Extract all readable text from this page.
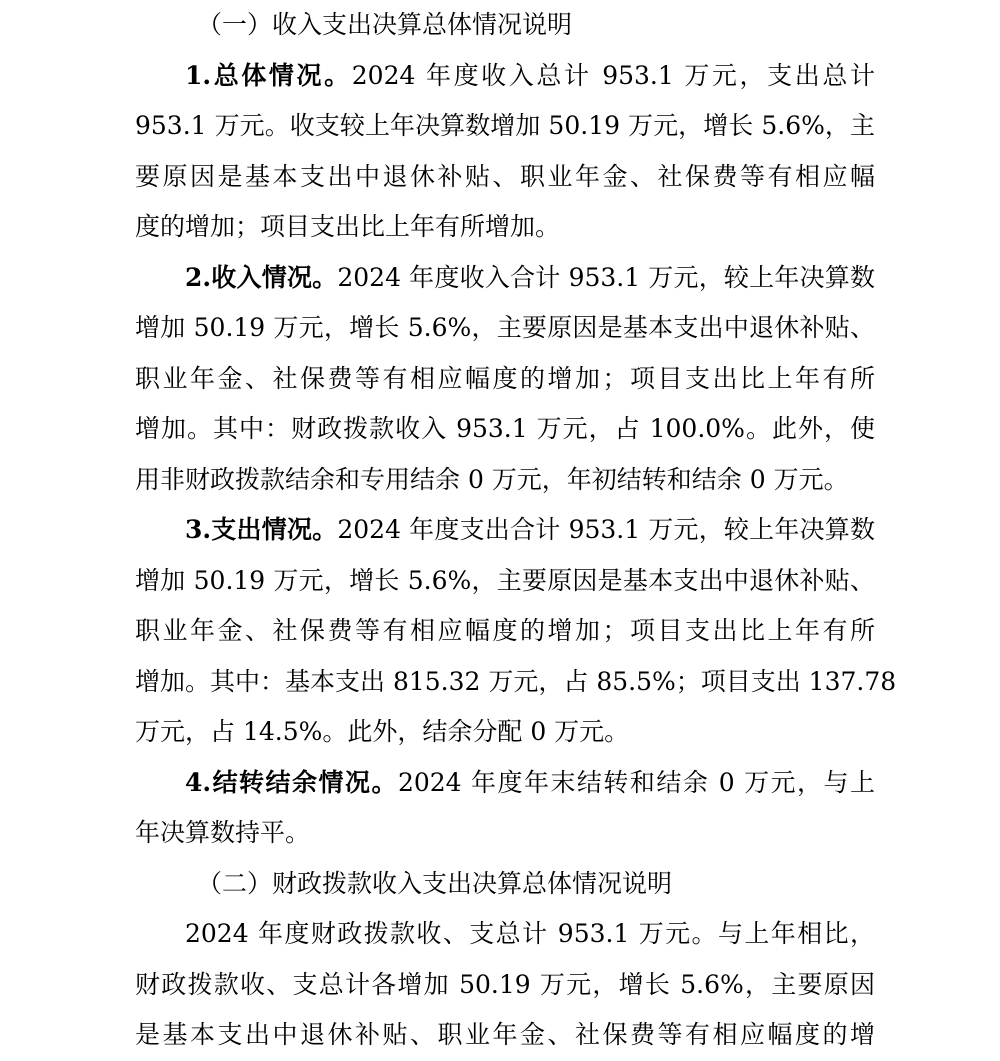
（一）收入支出决算总体情况说明
1.总体情况。2024 年度收入总计 953.1 万元，支出总计
953.1 万元。收支较上年决算数增加 50.19 万元，增长 5.6%，主
要原因是基本支出中退休补贴、职业年金、社保费等有相应幅
度的增加；项目支出比上年有所增加。
2.收入情况。2024 年度收入合计 953.1 万元，较上年决算数
增加 50.19 万元，增长 5.6%，主要原因是基本支出中退休补贴、
职业年金、社保费等有相应幅度的增加；项目支出比上年有所
增加。其中：财政拨款收入 953.1 万元，占 100.0%。此外，使
用非财政拨款结余和专用结余 0 万元，年初结转和结余 0 万元。
3.支出情况。2024 年度支出合计 953.1 万元，较上年决算数
增加 50.19 万元，增长 5.6%，主要原因是基本支出中退休补贴、
职业年金、社保费等有相应幅度的增加；项目支出比上年有所
增加。其中：基本支出 815.32 万元，占 85.5%；项目支出 137.78
万元，占 14.5%。此外，结余分配 0 万元。
4.结转结余情况。2024 年度年末结转和结余 0 万元，与上
年决算数持平。
（二）财政拨款收入支出决算总体情况说明
2024 年度财政拨款收、支总计 953.1 万元。与上年相比，
财政拨款收、支总计各增加 50.19 万元，增长 5.6%，主要原因
是基本支出中退休补贴、职业年金、社保费等有相应幅度的增
